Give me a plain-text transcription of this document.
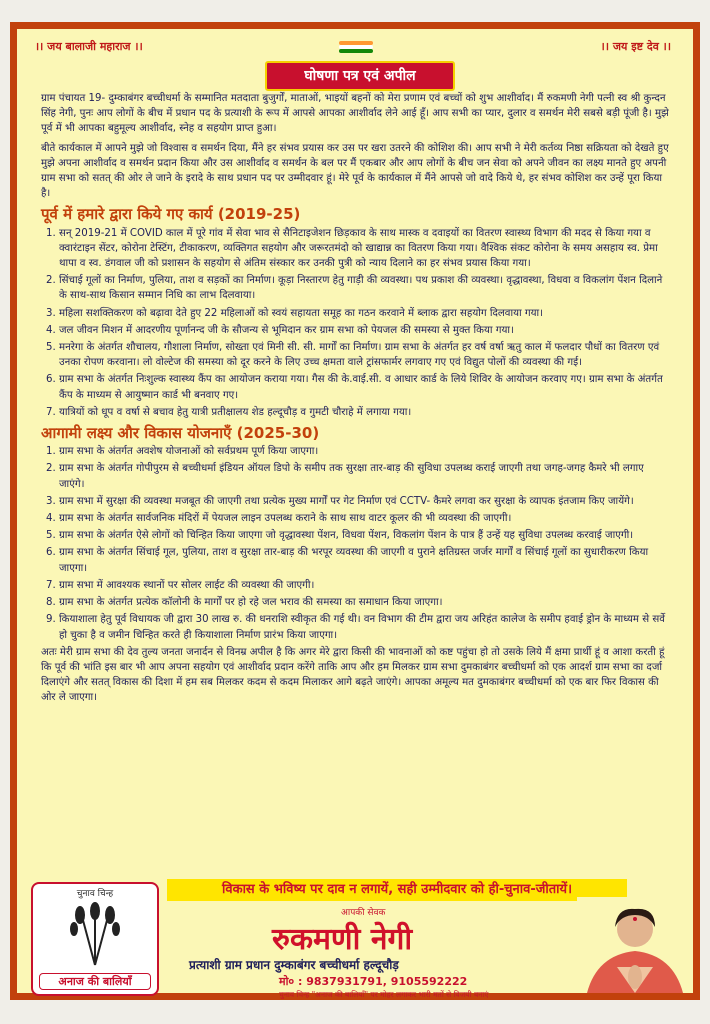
।। जय बालाजी महाराज ।।	।। जय इष्ट देव ।।
घोषणा पत्र एवं अपील

ग्राम पंचायत 19- दुम्काबंगर बच्चीधर्मा के सम्मानित मतदाता बुजुर्गों, माताओं, भाइयों बहनों को मेरा प्रणाम एवं बच्चों को शुभ आशीर्वाद। मैं रुकमणी नेगी पत्नी स्व श्री कुन्दन सिंह नेगी, पुनः आप लोगों के बीच में प्रधान पद के प्रत्याशी के रूप में आपसे आपका आशीर्वाद लेने आई हूँ। आप सभी का प्यार, दुलार व समर्थन मेरी सबसे बड़ी पूंजी है। मुझे पूर्व में भी आपका बहुमूल्य आशीर्वाद, स्नेह व सहयोग प्राप्त हुआ।

बीते कार्यकाल में आपने मुझे जो विश्वास व समर्थन दिया, मैंने हर संभव प्रयास कर उस पर खरा उतरने की कोशिश की। आप सभी ने मेरी कर्तव्य निष्ठा सक्रियता को देखते हुए मुझे अपना आशीर्वाद व समर्थन प्रदान किया और उस आशीर्वाद व समर्थन के बल पर मैं एकबार और आप लोगों के बीच जन सेवा को अपने जीवन का लक्ष्य मानते हुए अपनी ग्राम सभा को सतत् की ओर ले जाने के इरादे के साथ प्रधान पद पर उम्मीदवार हूं। मेरे पूर्व के कार्यकाल में मैंने आपसे जो वादे किये थे, हर संभव कोशिश कर उन्हें पूरा किया है।

पूर्व में हमारे द्वारा किये गए कार्य (2019-25)
1. सन् 2019-21 में COVID काल में पूरे गांव में सेवा भाव से सैनिटाइजेशन छिड़काव के साथ मास्क व दवाइयों का वितरण स्वास्थ्य विभाग की मदद से किया गया व क्वारंटाइन सेंटर, कोरोना टेस्टिंग, टीकाकरण, व्यक्तिगत सहयोग और जरूरतमंदो को खाद्यान्न का वितरण किया गया। वैश्विक संकट कोरोना के समय असहाय स्व. प्रेमा थापा व स्व. डंगवाल जी को प्रशासन के सहयोग से अंतिम संस्कार कर उनकी पुत्री को न्याय दिलाने का हर संभव प्रयास किया गया।
2. सिंचाई गूलों का निर्माण, पुलिया, ताश व सड़कों का निर्माण। कूड़ा निस्तारण हेतु गाड़ी की व्यवस्था। पथ प्रकाश की व्यवस्था। वृद्धावस्था, विधवा व विकलांग पेंशन दिलाने के साथ-साथ किसान सम्मान निधि का लाभ दिलवाया।
3. महिला सशक्तिकरण को बढ़ावा देते हुए 22 महिलाओं को स्वयं सहायता समूह का गठन करवाने में ब्लाक द्वारा सहयोग दिलवाया गया।
4. जल जीवन मिशन में आदरणीय पूर्णानन्द जी के सौजन्य से भूमिदान कर ग्राम सभा को पेयजल की समस्या से मुक्त किया गया।
5. मनरेगा के अंतर्गत शौचालय, गौशाला निर्माण, सोख्ता एवं मिनी सी. सी. मार्गों का निर्माण। ग्राम सभा के अंतर्गत हर वर्ष वर्षा ऋतु काल में फलदार पौधों का वितरण एवं उनका रोपण करवाना। लो वोल्टेज की समस्या को दूर करने के लिए उच्च क्षमता वाले ट्रांसफार्मर लगवाए गए एवं विद्युत पोलों की व्यवस्था की गई।
6. ग्राम सभा के अंतर्गत निःशुल्क स्वास्थ्य कैंप का आयोजन कराया गया। गैस की के.वाई.सी. व आधार कार्ड के लिये शिविर के आयोजन करवाए गए। ग्राम सभा के अंतर्गत कैंप के माध्यम से आयुष्मान कार्ड भी बनवाए गए।
7. यात्रियों को धूप व वर्षा से बचाव हेतु यात्री प्रतीक्षालय शेड हल्दूचौड़ व गुमटी चौराहे में लगाया गया।
आगामी लक्ष्य और विकास योजनाएँ (2025-30)
1. ग्राम सभा के अंतर्गत अवशेष योजनाओं को सर्वप्रथम पूर्ण किया जाएगा।
2. ग्राम सभा के अंतर्गत गोपीपुरम से बच्चीधर्मा इंडियन ऑयल डिपो के समीप तक सुरक्षा तार-बाड़ की सुविधा उपलब्ध कराई जाएगी तथा जगह-जगह कैमरे भी लगाए जाएंगे।
3. ग्राम सभा में सुरक्षा की व्यवस्था मजबूत की जाएगी तथा प्रत्येक मुख्य मार्गों पर गेट निर्माण एवं CCTV- कैमरे लगवा कर सुरक्षा के व्यापक इंतजाम किए जायेंगे।
4. ग्राम सभा के अंतर्गत सार्वजनिक मंदिरों में पेयजल लाइन उपलब्ध कराने के साथ साथ वाटर कूलर की भी व्यवस्था की जाएगी।
5. ग्राम सभा के अंतर्गत ऐसे लोगों को चिन्हित किया जाएगा जो वृद्धावस्था पेंशन, विधवा पेंशन, विकलांग पेंशन के पात्र हैं उन्हें यह सुविधा उपलब्ध करवाई जाएगी।
6. ग्राम सभा के अंतर्गत सिंचाई गूल, पुलिया, ताश व सुरक्षा तार-बाड़ की भरपूर व्यवस्था की जाएगी व पुराने क्षतिग्रस्त जर्जर मार्गों व सिंचाई गूलों का सुधारीकरण किया जाएगा।
7. ग्राम सभा में आवश्यक स्थानों पर सोलर लाईट की व्यवस्था की जाएगी।
8. ग्राम सभा के अंतर्गत प्रत्येक कॉलोनी के मार्गों पर हो रहे जल भराव की समस्या का समाधान किया जाएगा।
9. कियाशाला हेतु पूर्व विधायक जी द्वारा 30 लाख रु. की धनराशि स्वीकृत की गई थी। वन विभाग की टीम द्वारा जय अरिहंत कालेज के समीप हवाई ड्रोन के माध्यम से सर्वे हो चुका है व जमीन चिन्हित करते ही कियाशाला निर्माण प्रारंभ किया जाएगा।

अतः मेरी ग्राम सभा की देव तुल्य जनता जनार्दन से विनम्र अपील है कि अगर मेरे द्वारा किसी की भावनाओं को कष्ट पहुंचा हो तो उसके लिये मैं क्षमा प्रार्थी हूं व आशा करती हूं कि पूर्व की भांति इस बार भी आप अपना सहयोग एवं आशीर्वाद प्रदान करेंगे ताकि आप और हम मिलकर ग्राम सभा दुमकाबंगर बच्चीधर्मा को एक आदर्श ग्राम सभा का दर्जा दिलाएंगे और सतत् विकास की दिशा में हम सब मिलकर कदम से कदम मिलाकर आगे बढ़ते जाएंगे। आपका अमूल्य मत दुमकाबंगर बच्चीधर्मा को एक बार फिर विकास की ओर ले जाएगा।

चुनाव चिन्ह
अनाज की बालियाँ
विकास के भविष्य पर दाव न लगायें, सही उम्मीदवार को ही-चुनाव-जीतायें।
आपकी सेवक
रुकमणी नेगी
प्रत्याशी ग्राम प्रधान दुम्काबंगर बच्चीधर्मा हल्दूचौड़
मो० : 9837931791, 9105592222
चुनाव चिन्ह "अनाज की बालियाँ" पर मोहर लगाकर भारी मतों से विजयी बनाएं
